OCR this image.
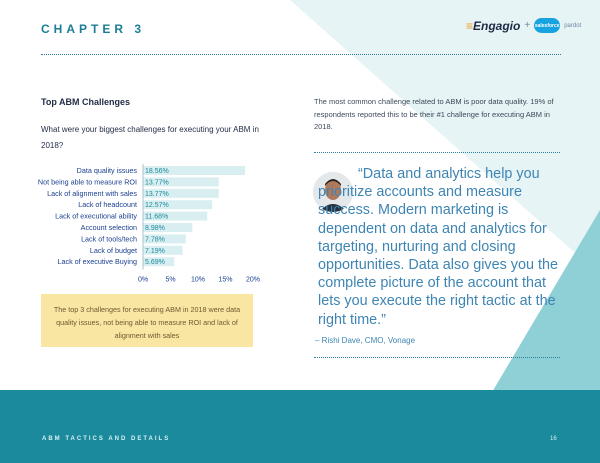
CHAPTER 3	≡Engagio + salesforce pardot
Top ABM Challenges
What were your biggest challenges for executing your ABM in 2018?
The most common challenge related to ABM is poor data quality. 19% of respondents reported this to be their #1 challenge for executing ABM in 2018.
Data quality issues 18.56%
Not being able to measure ROI 13.77%
Lack of alignment with sales 13.77%
Lack of headcount 12.57%
Lack of executional ability 11.68%
Account selection 8.98%
Lack of tools/tech 7.78%
Lack of budget 7.19%
Lack of executive Buying 5.69%
0% 5% 10% 15% 20%
The top 3 challenges for executing ABM in 2018 were data quality issues, not being able to measure ROI and lack of alignment with sales
“Data and analytics help you prioritize accounts and measure success. Modern marketing is dependent on data and analytics for targeting, nurturing and closing opportunities. Data also gives you the complete picture of the account that lets you execute the right tactic at the right time.”
– Rishi Dave, CMO, Vonage
ABM TACTICS AND DETAILS	16
